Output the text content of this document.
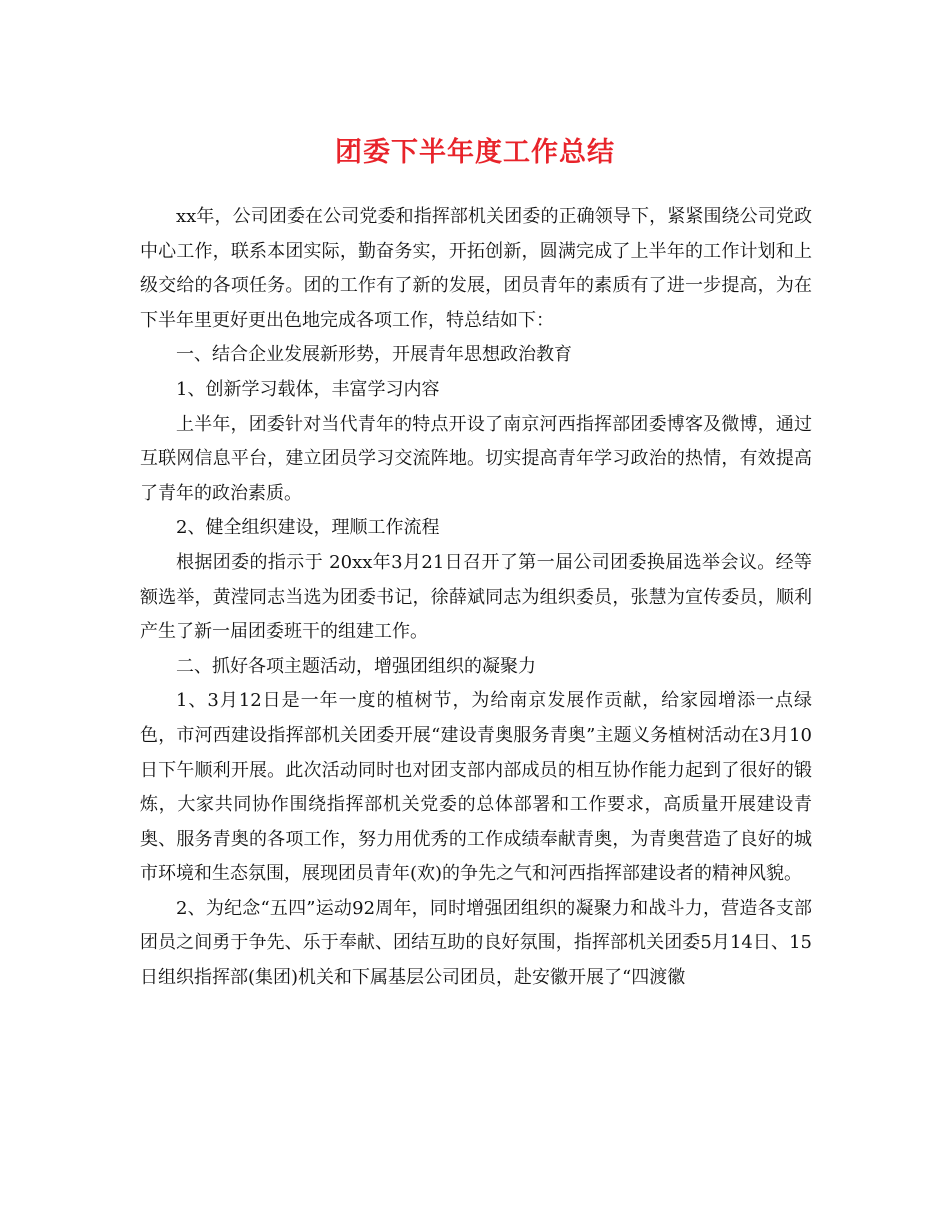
团委下半年度工作总结

xx年，公司团委在公司党委和指挥部机关团委的正确领导下，紧紧围绕公司党政中心工作，联系本团实际，勤奋务实，开拓创新，圆满完成了上半年的工作计划和上级交给的各项任务。团的工作有了新的发展，团员青年的素质有了进一步提高，为在下半年里更好更出色地完成各项工作，特总结如下：

一、结合企业发展新形势，开展青年思想政治教育

1、创新学习载体，丰富学习内容

上半年，团委针对当代青年的特点开设了南京河西指挥部团委博客及微博，通过互联网信息平台，建立团员学习交流阵地。切实提高青年学习政治的热情，有效提高了青年的政治素质。

2、健全组织建设，理顺工作流程

根据团委的指示于 20xx年3月21日召开了第一届公司团委换届选举会议。经等额选举，黄滢同志当选为团委书记，徐薛斌同志为组织委员，张慧为宣传委员，顺利产生了新一届团委班干的组建工作。

二、抓好各项主题活动，增强团组织的凝聚力

1、3月12日是一年一度的植树节，为给南京发展作贡献，给家园增添一点绿色，市河西建设指挥部机关团委开展“建设青奥服务青奥”主题义务植树活动在3月10日下午顺利开展。此次活动同时也对团支部内部成员的相互协作能力起到了很好的锻炼，大家共同协作围绕指挥部机关党委的总体部署和工作要求，高质量开展建设青奥、服务青奥的各项工作，努力用优秀的工作成绩奉献青奥，为青奥营造了良好的城市环境和生态氛围，展现团员青年(欢)的争先之气和河西指挥部建设者的精神风貌。

2、为纪念“五四”运动92周年，同时增强团组织的凝聚力和战斗力，营造各支部团员之间勇于争先、乐于奉献、团结互助的良好氛围，指挥部机关团委5月14日、15日组织指挥部(集团)机关和下属基层公司团员，赴安徽开展了“四渡徽
